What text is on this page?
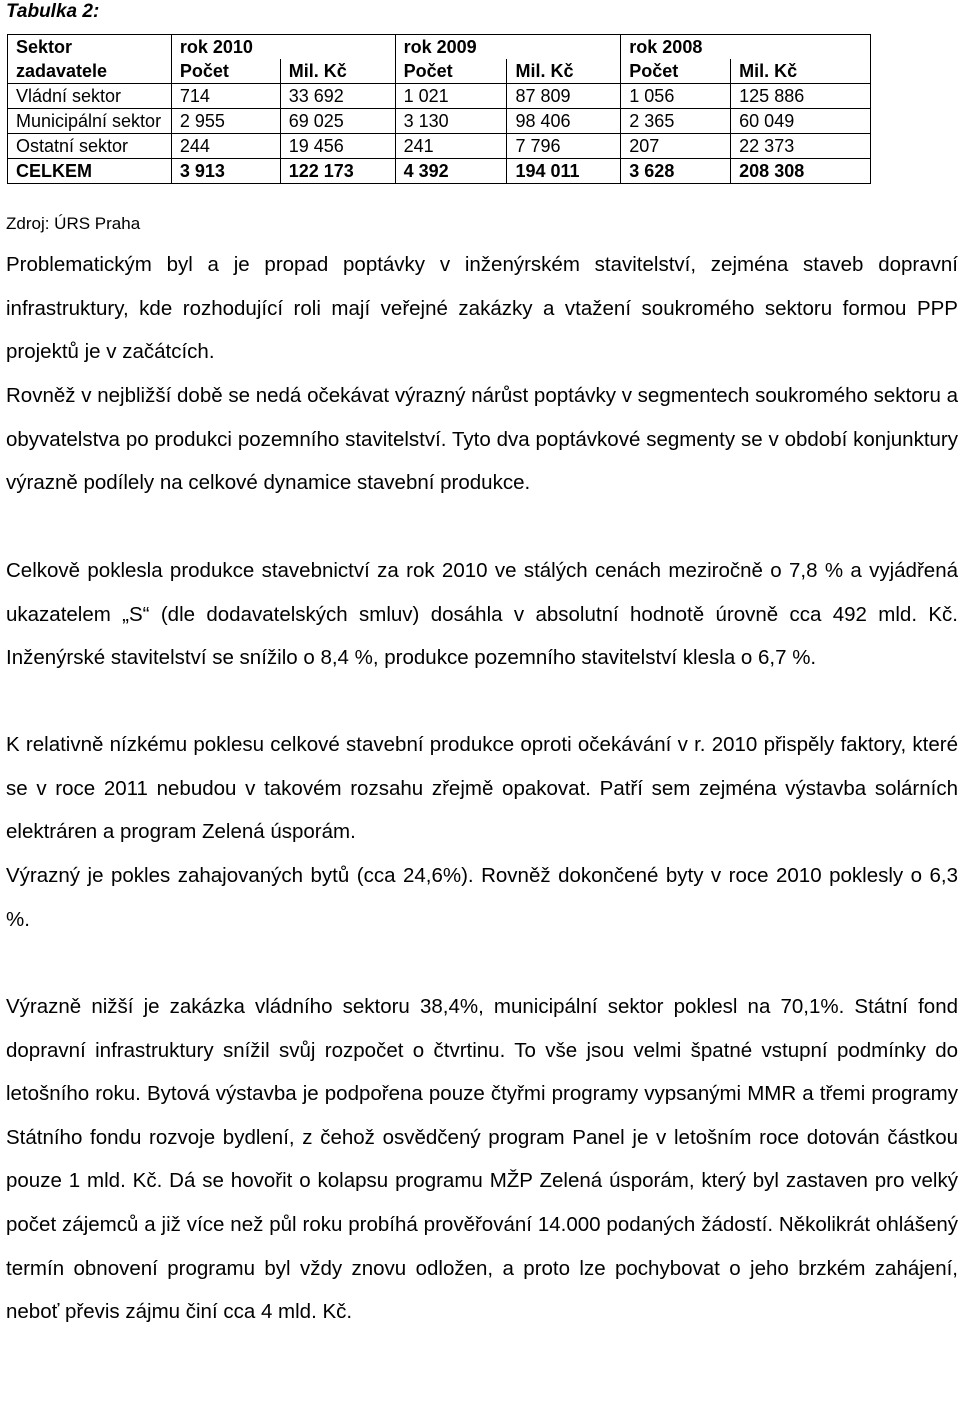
Tabulka 2:
Sektor	rok 2010		rok 2009		rok 2008	
zadavatele	Počet	Mil. Kč	Počet	Mil. Kč	Počet	Mil. Kč
Vládní sektor	714	33 692	1 021	87 809	1 056	125 886
Municipální sektor	2 955	69 025	3 130	98 406	2 365	60 049
Ostatní sektor	244	19 456	241	7 796	207	22 373
CELKEM	3 913	122 173	4 392	194 011	3 628	208 308
Zdroj: ÚRS Praha

Problematickým byl a je propad poptávky v inženýrském stavitelství, zejména staveb dopravní infrastruktury, kde rozhodující roli mají veřejné zakázky a vtažení soukromého sektoru formou PPP projektů je v začátcích.

Rovněž v nejbližší době se nedá očekávat výrazný nárůst poptávky v segmentech soukromého sektoru a obyvatelstva po produkci pozemního stavitelství. Tyto dva poptávkové segmenty se v období konjunktury výrazně podílely na celkové dynamice stavební produkce.

Celkově poklesla produkce stavebnictví za rok 2010 ve stálých cenách meziročně o 7,8 % a vyjádřená ukazatelem „S“ (dle dodavatelských smluv) dosáhla v absolutní hodnotě úrovně cca 492 mld. Kč. Inženýrské stavitelství se snížilo o 8,4 %, produkce pozemního stavitelství klesla o 6,7 %.

K relativně nízkému poklesu celkové stavební produkce oproti očekávání v r. 2010 přispěly faktory, které se v roce 2011 nebudou v takovém rozsahu zřejmě opakovat. Patří sem zejména výstavba solárních elektráren a program Zelená úsporám.

Výrazný je pokles zahajovaných bytů (cca 24,6%). Rovněž dokončené byty v roce 2010 poklesly o 6,3 %.

Výrazně nižší je zakázka vládního sektoru 38,4%, municipální sektor poklesl na 70,1%. Státní fond dopravní infrastruktury snížil svůj rozpočet o čtvrtinu. To vše jsou velmi špatné vstupní podmínky do letošního roku. Bytová výstavba je podpořena pouze čtyřmi programy vypsanými MMR a třemi programy Státního fondu rozvoje bydlení, z čehož osvědčený program Panel je v letošním roce dotován částkou pouze 1 mld. Kč. Dá se hovořit o kolapsu programu MŽP Zelená úsporám, který byl zastaven pro velký počet zájemců a již více než půl roku probíhá prověřování 14.000 podaných žádostí. Několikrát ohlášený termín obnovení programu byl vždy znovu odložen, a proto lze pochybovat o jeho brzkém zahájení, neboť převis zájmu činí cca 4 mld. Kč.
